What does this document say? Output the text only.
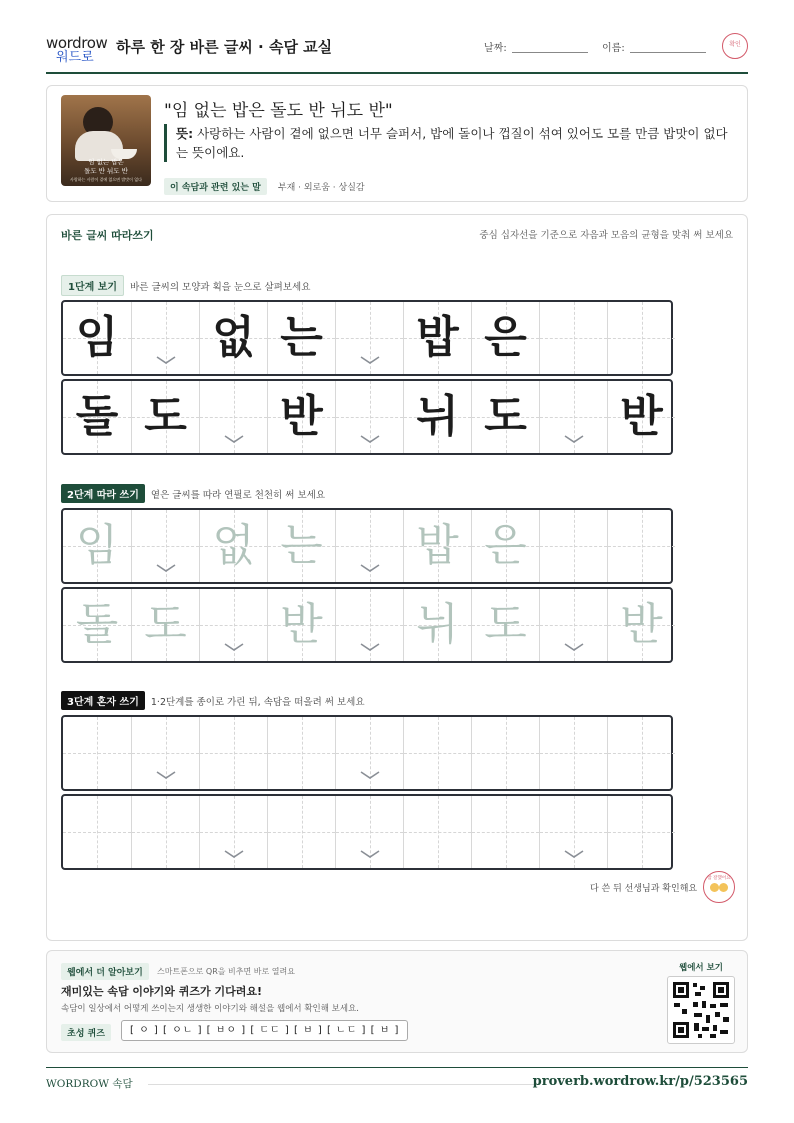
wordrow
워드로
하루 한 장 바른 글씨 · 속담 교실	날짜:	이름:	확인
임 없는 밥은
돌도 반 뉘도 반
사랑하는 사람이 곁에 없으면 밥맛이 없다
"임 없는 밥은 돌도 반 뉘도 반"
뜻: 사랑하는 사람이 곁에 없으면 너무 슬퍼서, 밥에 돌이나 껍질이 섞여 있어도 모를 만큼 밥맛이 없다는 뜻이에요.
이 속담과 관련 있는 말 부재 · 외로움 · 상실감
바른 글씨 따라쓰기	중심 십자선을 기준으로 자음과 모음의 균형을 맞춰 써 보세요
1단계 보기 바른 글씨의 모양과 획을 눈으로 살펴보세요
임 없 는 밥 은
돌 도 반 뉘 도 반
2단계 따라 쓰기 옅은 글씨를 따라 연필로 천천히 써 보세요
임 없 는 밥 은
돌 도 반 뉘 도 반
3단계 혼자 쓰기 1·2단계를 종이로 가린 뒤, 속담을 떠올려 써 보세요
다 쓴 뒤 선생님과 확인해요
참 잘했어요
웹에서 더 알아보기	스마트폰으로 QR을 비추면 바로 열려요
재미있는 속담 이야기와 퀴즈가 기다려요!
속담이 일상에서 어떻게 쓰이는지 생생한 이야기와 해설을 웹에서 확인해 보세요.
초성 퀴즈	[ ㅇ ] [ ㅇㄴ ] [ ㅂㅇ ] [ ㄷㄷ ] [ ㅂ ] [ ㄴㄷ ] [ ㅂ ]
웹에서 보기
WORDROW 속담	proverb.wordrow.kr/p/523565
